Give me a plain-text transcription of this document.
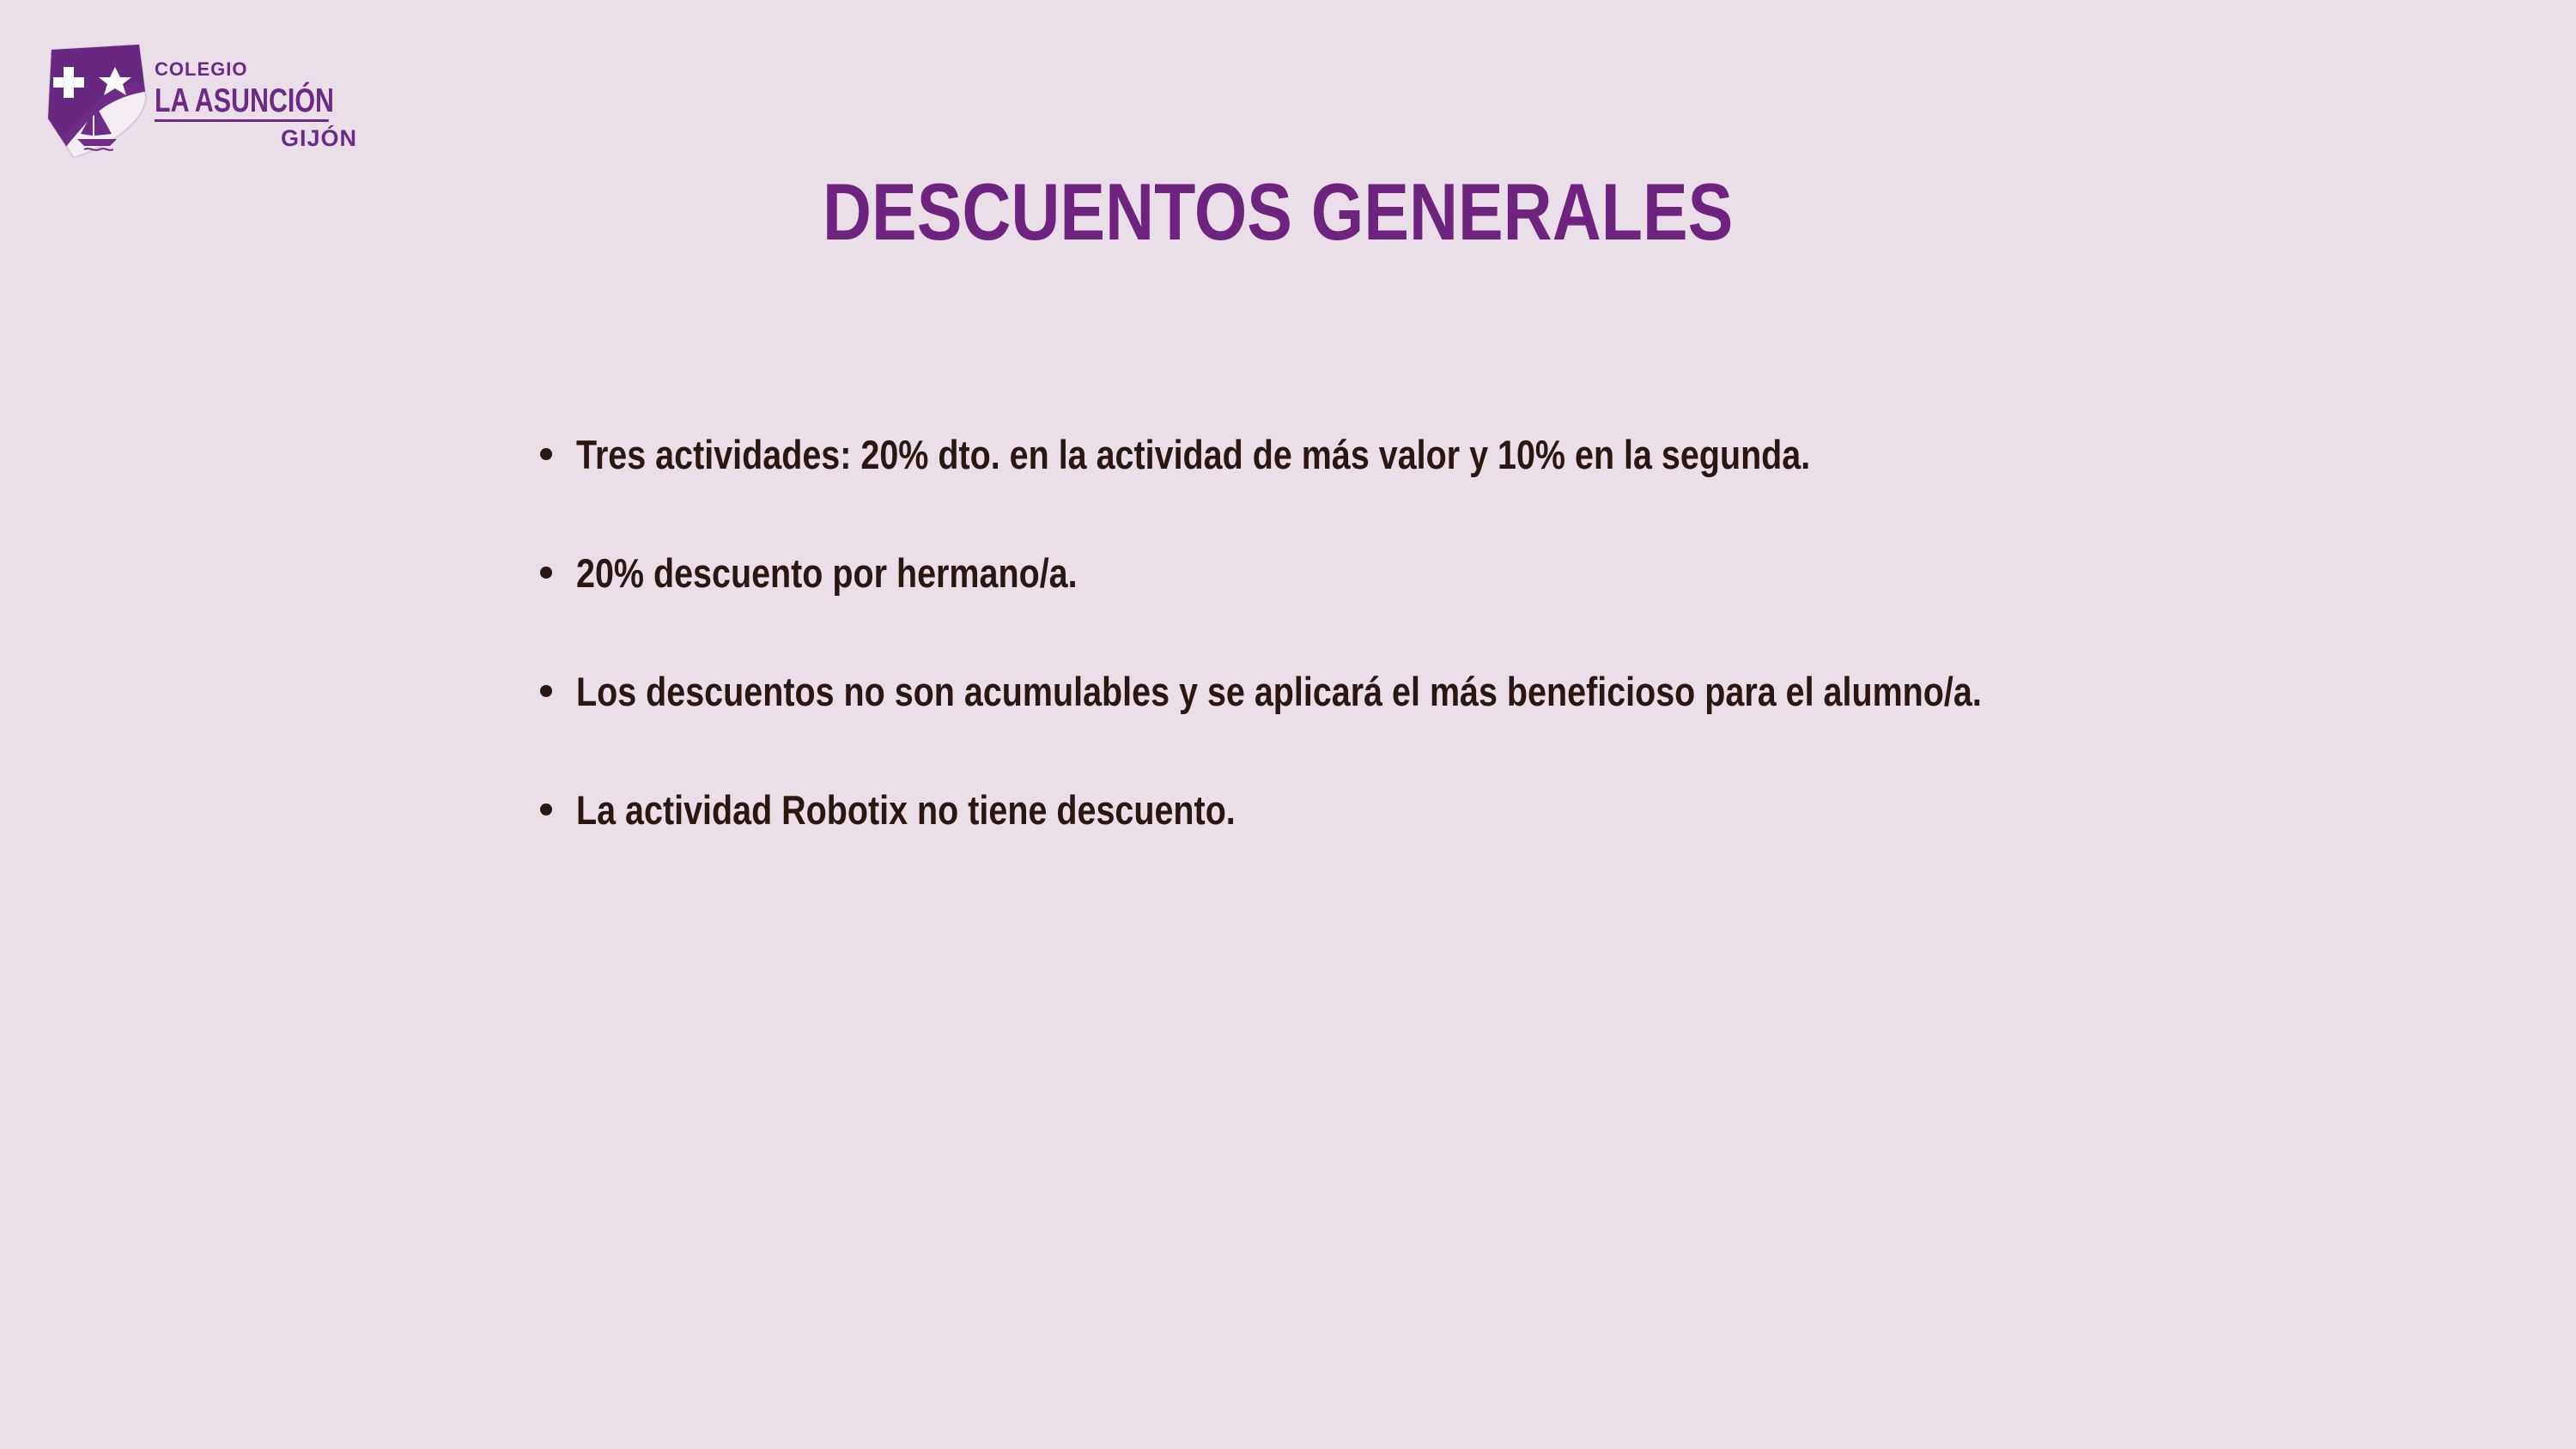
COLEGIO
LA ASUNCIÓN
GIJÓN
DESCUENTOS GENERALES
Tres actividades: 20% dto. en la actividad de más valor y 10% en la segunda.
20% descuento por hermano/a.
Los descuentos no son acumulables y se aplicará el más beneficioso para el alumno/a.
La actividad Robotix no tiene descuento.
